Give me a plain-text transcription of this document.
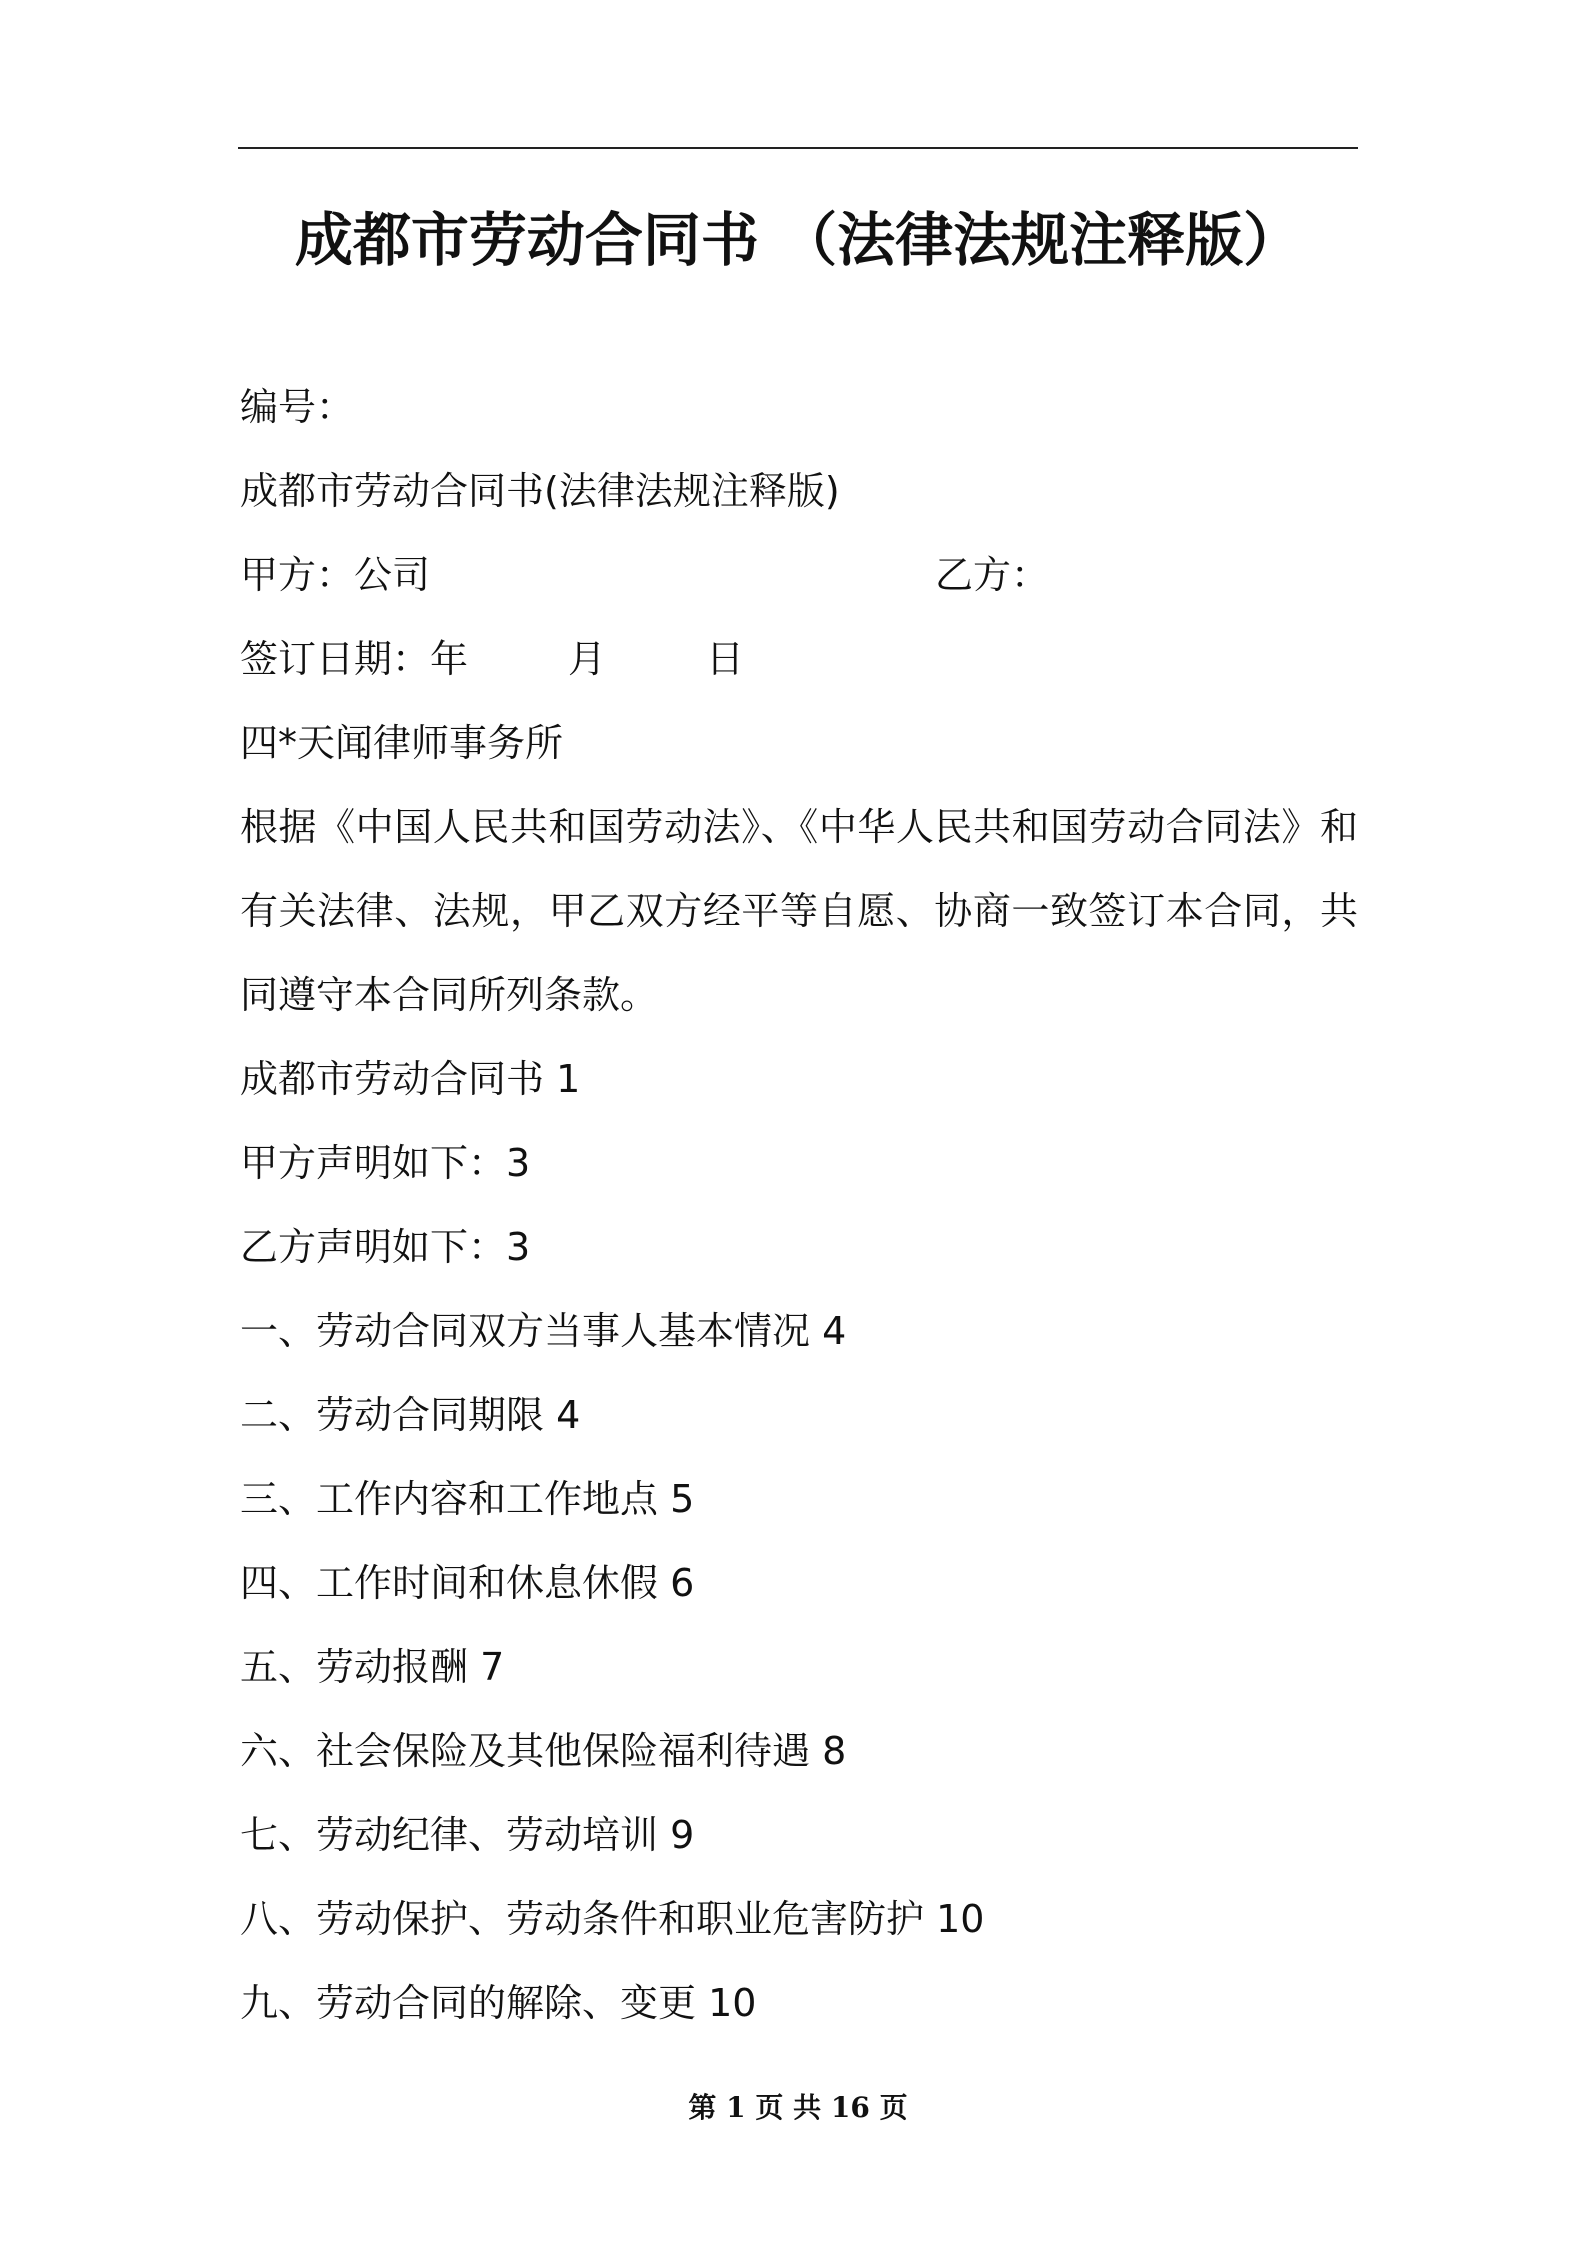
成都市劳动合同书 （法律法规注释版）
编号：
成都市劳动合同书(法律法规注释版)
甲方：公司	乙方：
签订日期：年	月	日
四*天闻律师事务所
根据《中国人民共和国劳动法》、《中华人民共和国劳动合同法》和有关法律、法规，甲乙双方经平等自愿、协商一致签订本合同，共同遵守本合同所列条款。
成都市劳动合同书 1
甲方声明如下：3
乙方声明如下：3
一、劳动合同双方当事人基本情况 4
二、劳动合同期限 4
三、工作内容和工作地点 5
四、工作时间和休息休假 6
五、劳动报酬 7
六、社会保险及其他保险福利待遇 8
七、劳动纪律、劳动培训 9
八、劳动保护、劳动条件和职业危害防护 10
九、劳动合同的解除、变更 10
第 1 页 共 16 页
